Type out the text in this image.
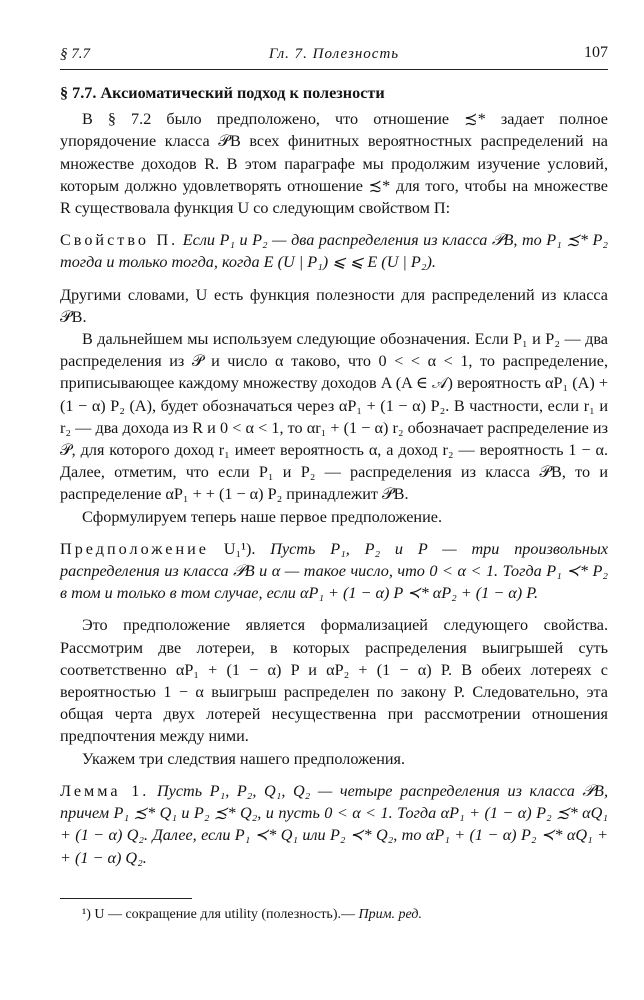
§ 7.7	Гл. 7. Полезность	107
§ 7.7. Аксиоматический подход к полезности

В § 7.2 было предположено, что отношение ≾* задает полное упорядочение класса 𝒫B всех финитных вероятностных распределений на множестве доходов R. В этом параграфе мы продолжим изучение условий, которым должно удовлетворять отношение ≾* для того, чтобы на множестве R существовала функция U со следующим свойством П:

Свойство П. Если P₁ и P₂ — два распределения из класса 𝒫B, то P₁ ≾* P₂ тогда и только тогда, когда E (U | P₁) ⩽ ⩽ E (U | P₂).

Другими словами, U есть функция полезности для распределений из класса 𝒫B.

В дальнейшем мы используем следующие обозначения. Если P₁ и P₂ — два распределения из 𝒫 и число α таково, что 0 < < α < 1, то распределение, приписывающее каждому множеству доходов A (A ∈ 𝒜) вероятность αP₁ (A) + (1 − α) P₂ (A), будет обозначаться через αP₁ + (1 − α) P₂. В частности, если r₁ и r₂ — два дохода из R и 0 < α < 1, то αr₁ + (1 − α) r₂ обозначает распределение из 𝒫, для которого доход r₁ имеет вероятность α, а доход r₂ — вероятность 1 − α. Далее, отметим, что если P₁ и P₂ — распределения из класса 𝒫B, то и распределение αP₁ + + (1 − α) P₂ принадлежит 𝒫B.

Сформулируем теперь наше первое предположение.

Предположение U₁¹). Пусть P₁, P₂ и P — три произвольных распределения из класса 𝒫B и α — такое число, что 0 < α < 1. Тогда P₁ ≺* P₂ в том и только в том случае, если αP₁ + (1 − α) P ≺* αP₂ + (1 − α) P.

Это предположение является формализацией следующего свойства. Рассмотрим две лотереи, в которых распределения выигрышей суть соответственно αP₁ + (1 − α) P и αP₂ + (1 − α) P. В обеих лотереях с вероятностью 1 − α выигрыш распределен по закону P. Следовательно, эта общая черта двух лотерей несущественна при рассмотрении отношения предпочтения между ними.

Укажем три следствия нашего предположения.

Лемма 1. Пусть P₁, P₂, Q₁, Q₂ — четыре распределения из класса 𝒫B, причем P₁ ≾* Q₁ и P₂ ≾* Q₂, и пусть 0 < α < 1. Тогда αP₁ + (1 − α) P₂ ≾* αQ₁ + (1 − α) Q₂. Далее, если P₁ ≺* Q₁ или P₂ ≺* Q₂, то αP₁ + (1 − α) P₂ ≺* αQ₁ + + (1 − α) Q₂.

¹) U — сокращение для utility (полезность).— Прим. ред.
